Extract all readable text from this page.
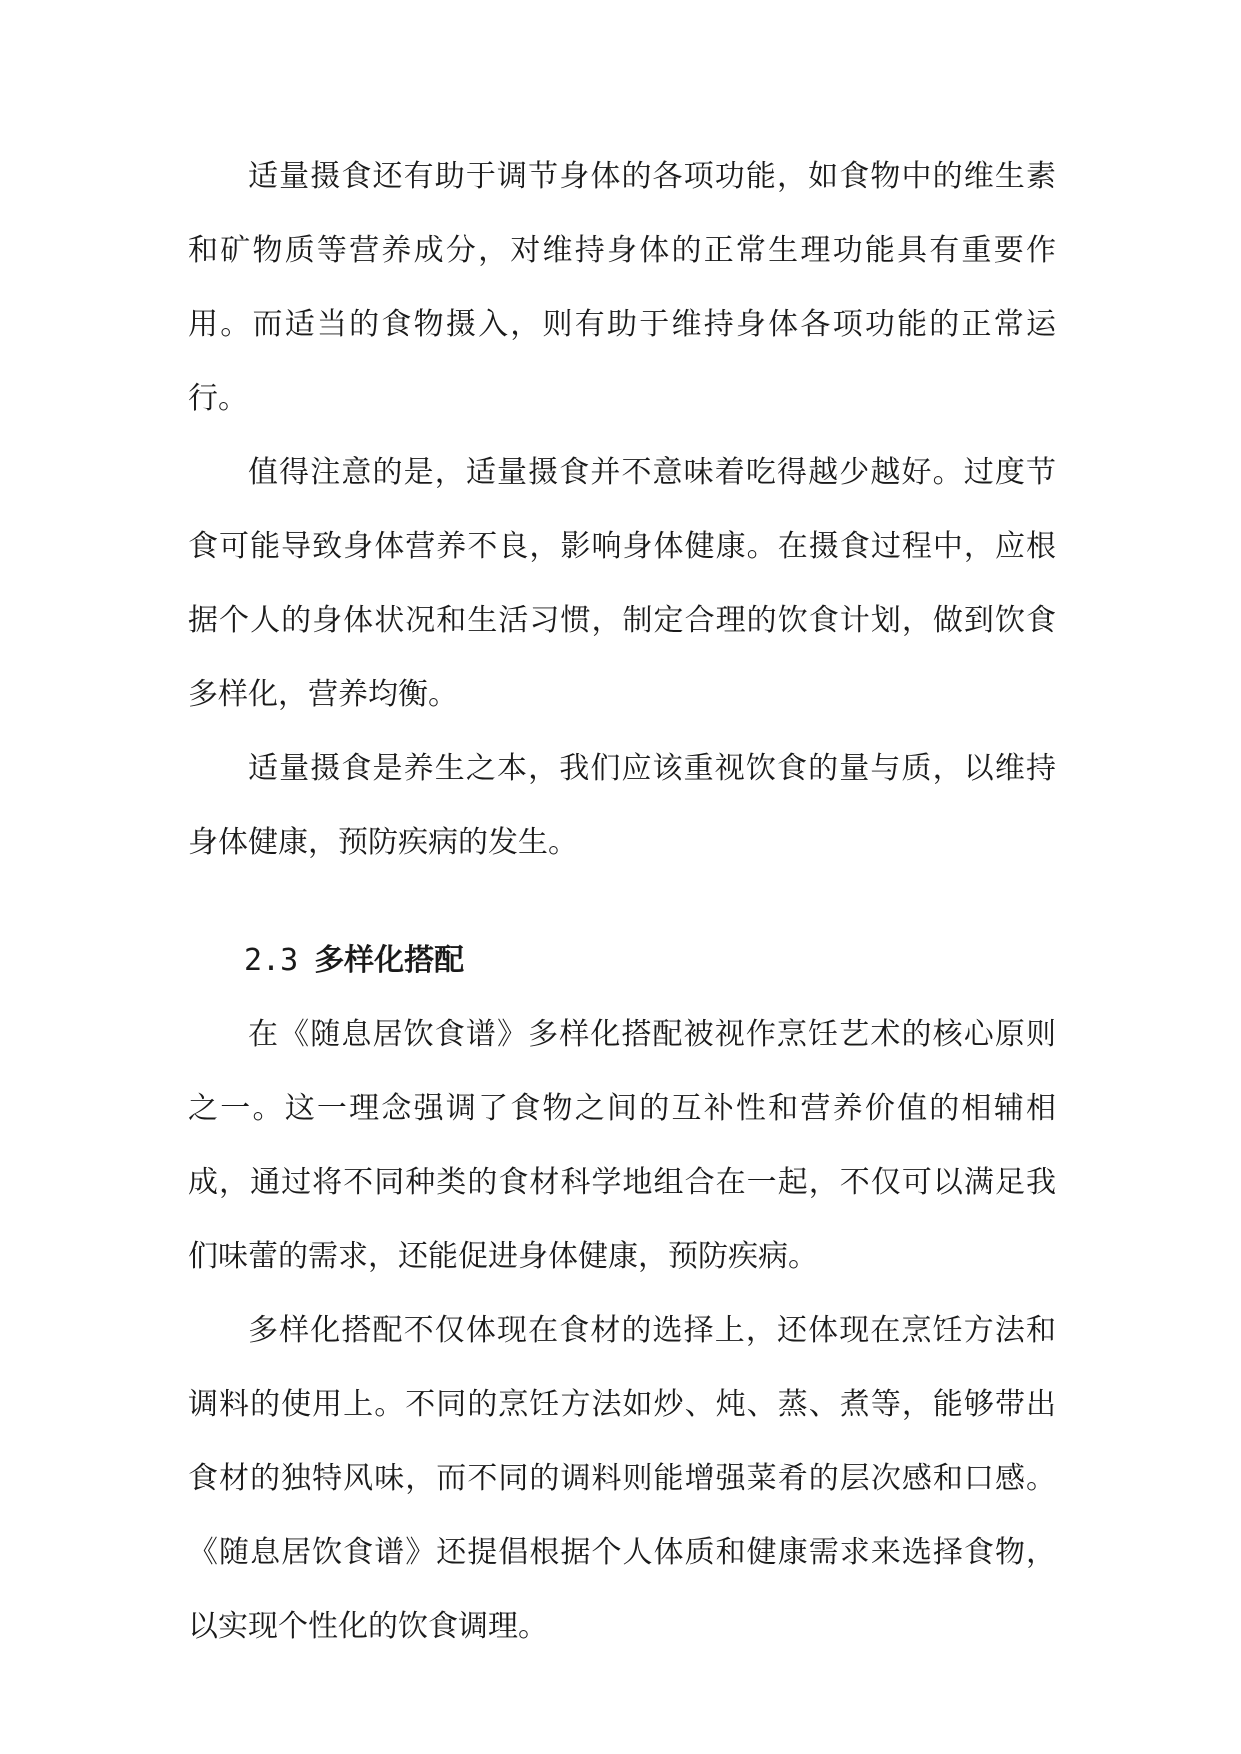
适量摄食还有助于调节身体的各项功能，如食物中的维生素和矿物质等营养成分，对维持身体的正常生理功能具有重要作用。而适当的食物摄入，则有助于维持身体各项功能的正常运行。

值得注意的是，适量摄食并不意味着吃得越少越好。过度节食可能导致身体营养不良，影响身体健康。在摄食过程中，应根据个人的身体状况和生活习惯，制定合理的饮食计划，做到饮食多样化，营养均衡。

适量摄食是养生之本，我们应该重视饮食的量与质，以维持身体健康，预防疾病的发生。

2.3 多样化搭配

在《随息居饮食谱》多样化搭配被视作烹饪艺术的核心原则之一。这一理念强调了食物之间的互补性和营养价值的相辅相成，通过将不同种类的食材科学地组合在一起，不仅可以满足我们味蕾的需求，还能促进身体健康，预防疾病。

多样化搭配不仅体现在食材的选择上，还体现在烹饪方法和调料的使用上。不同的烹饪方法如炒、炖、蒸、煮等，能够带出食材的独特风味，而不同的调料则能增强菜肴的层次感和口感。《随息居饮食谱》还提倡根据个人体质和健康需求来选择食物，以实现个性化的饮食调理。
